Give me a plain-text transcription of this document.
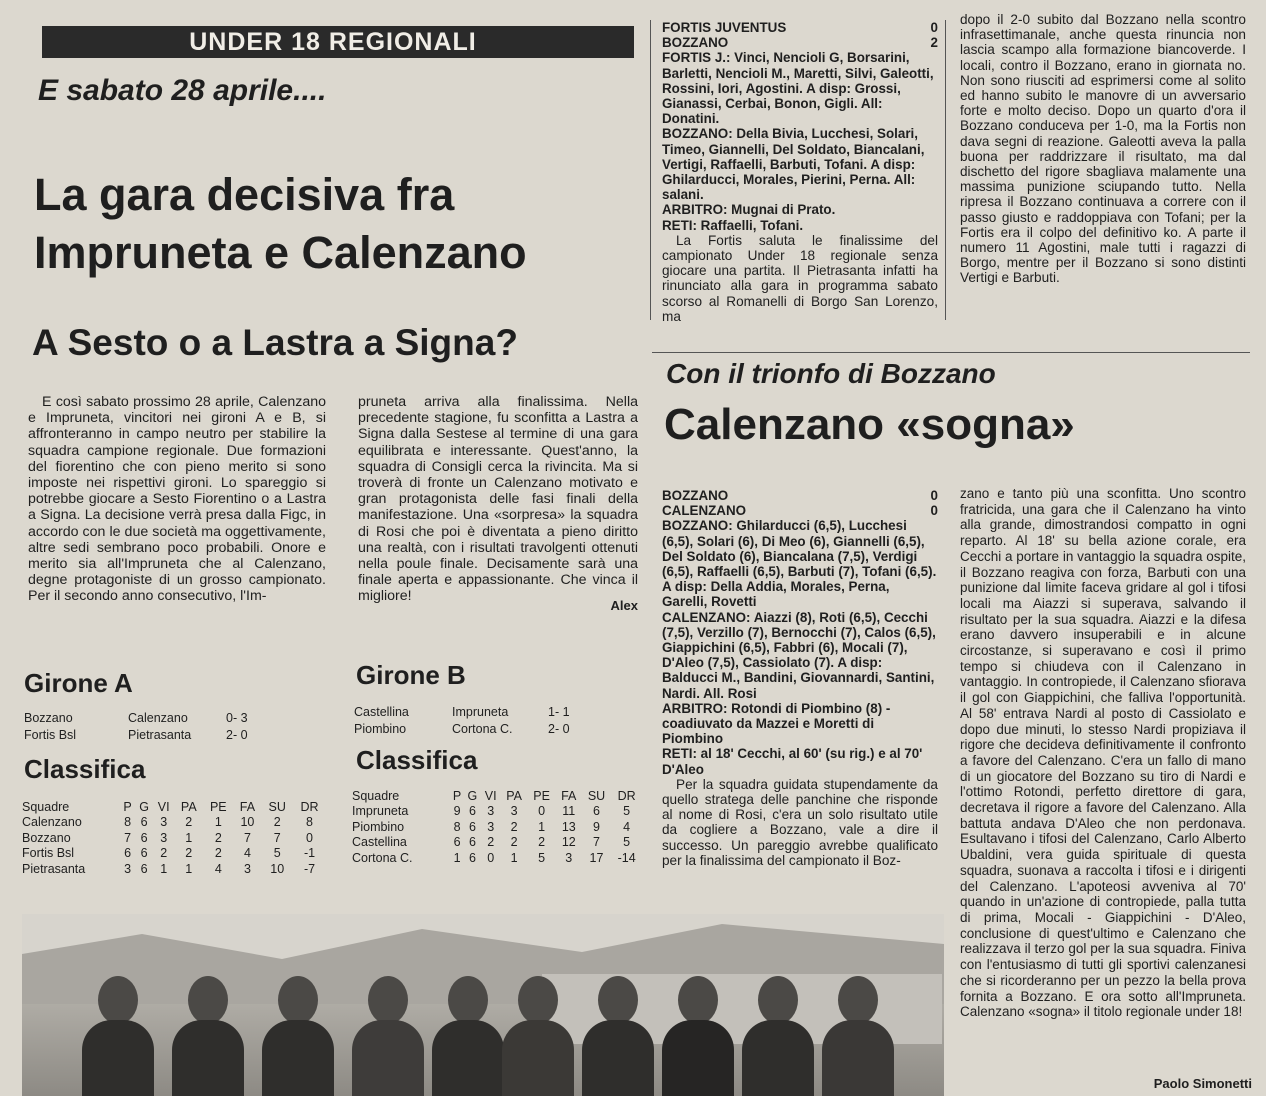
UNDER 18 REGIONALI
E sabato 28 aprile....
La gara decisiva fra
Impruneta e Calenzano
A Sesto o a Lastra a Signa?

E così sabato prossimo 28 aprile, Calenzano e Impruneta, vincitori nei gironi A e B, si affronteranno in campo neutro per stabilire la squadra campione regionale. Due formazioni del fiorentino che con pieno merito si sono imposte nei rispettivi gironi. Lo spareggio si potrebbe giocare a Sesto Fiorentino o a Lastra a Signa. La decisione verrà presa dalla Figc, in accordo con le due società ma oggettivamente, altre sedi sembrano poco probabili. Onore e merito sia all'Impruneta che al Calenzano, degne protagoniste di un grosso campionato. Per il secondo anno consecutivo, l'Im-

pruneta arriva alla finalissima. Nella precedente stagione, fu sconfitta a Lastra a Signa dalla Sestese al termine di una gara equilibrata e interessante. Quest'anno, la squadra di Consigli cerca la rivincita. Ma si troverà di fronte un Calenzano motivato e gran protagonista delle fasi finali della manifestazione. Una «sorpresa» la squadra di Rosi che poi è diventata a pieno diritto una realtà, con i risultati travolgenti ottenuti nella poule finale. Decisamente sarà una finale aperta e appassionante. Che vinca il migliore!

Alex
Girone A
Bozzano	Calenzano	0- 3
Fortis Bsl	Pietrasanta	2- 0
Classifica
Squadre	P	G	VI	PA	PE	FA	SU	DR
Calenzano	8	6	3	2	1	10	2	8
Bozzano	7	6	3	1	2	7	7	0
Fortis Bsl	6	6	2	2	2	4	5	-1
Pietrasanta	3	6	1	1	4	3	10	-7
Girone B
Castellina	Impruneta	1- 1
Piombino	Cortona C.	2- 0
Classifica
Squadre	P	G	VI	PA	PE	FA	SU	DR
Impruneta	9	6	3	3	0	11	6	5
Piombino	8	6	3	2	1	13	9	4
Castellina	6	6	2	2	2	12	7	5
Cortona C.	1	6	0	1	5	3	17	-14
FORTIS JUVENTUS	0
BOZZANO	2
FORTIS J.: Vinci, Nencioli G, Borsarini, Barletti, Nencioli M., Maretti, Silvi, Galeotti, Rossini, Iori, Agostini. A disp: Grossi, Gianassi, Cerbai, Bonon, Gigli. All: Donatini.
BOZZANO: Della Bivia, Lucchesi, Solari, Timeo, Giannelli, Del Soldato, Biancalani, Vertigi, Raffaelli, Barbuti, Tofani. A disp: Ghilarducci, Morales, Pierini, Perna. All: salani.
ARBITRO: Mugnai di Prato.
RETI: Raffaelli, Tofani.
La Fortis saluta le finalissime del campionato Under 18 regionale senza giocare una partita. Il Pietrasanta infatti ha rinunciato alla gara in programma sabato scorso al Romanelli di Borgo San Lorenzo, ma

dopo il 2-0 subito dal Bozzano nella scontro infrasettimanale, anche questa rinuncia non lascia scampo alla formazione biancoverde. I locali, contro il Bozzano, erano in giornata no. Non sono riusciti ad esprimersi come al solito ed hanno subito le manovre di un avversario forte e molto deciso. Dopo un quarto d'ora il Bozzano conduceva per 1-0, ma la Fortis non dava segni di reazione. Galeotti aveva la palla buona per raddrizzare il risultato, ma dal dischetto del rigore sbagliava malamente una massima punizione sciupando tutto. Nella ripresa il Bozzano continuava a correre con il passo giusto e raddoppiava con Tofani; per la Fortis era il colpo del definitivo ko. A parte il numero 11 Agostini, male tutti i ragazzi di Borgo, mentre per il Bozzano si sono distinti Vertigi e Barbuti.

Con il trionfo di Bozzano
Calenzano «sogna»
BOZZANO	0
CALENZANO	0
BOZZANO: Ghilarducci (6,5), Lucchesi (6,5), Solari (6), Di Meo (6), Giannelli (6,5), Del Soldato (6), Biancalana (7,5), Verdigi (6,5), Raffaelli (6,5), Barbuti (7), Tofani (6,5). A disp: Della Addia, Morales, Perna, Garelli, Rovetti
CALENZANO: Aiazzi (8), Roti (6,5), Cecchi (7,5), Verzillo (7), Bernocchi (7), Calos (6,5), Giappichini (6,5), Fabbri (6), Mocali (7), D'Aleo (7,5), Cassiolato (7). A disp: Balducci M., Bandini, Giovannardi, Santini, Nardi. All. Rosi
ARBITRO: Rotondi di Piombino (8) - coadiuvato da Mazzei e Moretti di Piombino
RETI: al 18' Cecchi, al 60' (su rig.) e al 70' D'Aleo
Per la squadra guidata stupendamente da quello stratega delle panchine che risponde al nome di Rosi, c'era un solo risultato utile da cogliere a Bozzano, vale a dire il successo. Un pareggio avrebbe qualificato per la finalissima del campionato il Boz-

zano e tanto più una sconfitta. Uno scontro fratricida, una gara che il Calenzano ha vinto alla grande, dimostrandosi compatto in ogni reparto. Al 18' su bella azione corale, era Cecchi a portare in vantaggio la squadra ospite, il Bozzano reagiva con forza, Barbuti con una punizione dal limite faceva gridare al gol i tifosi locali ma Aiazzi si superava, salvando il risultato per la sua squadra. Aiazzi e la difesa erano davvero insuperabili e in alcune circostanze, si superavano e così il primo tempo si chiudeva con il Calenzano in vantaggio. In contropiede, il Calenzano sfiorava il gol con Giappichini, che falliva l'opportunità. Al 58' entrava Nardi al posto di Cassiolato e dopo due minuti, lo stesso Nardi propiziava il rigore che decideva definitivamente il confronto a favore del Calenzano. C'era un fallo di mano di un giocatore del Bozzano su tiro di Nardi e l'ottimo Rotondi, perfetto direttore di gara, decretava il rigore a favore del Calenzano. Alla battuta andava D'Aleo che non perdonava. Esultavano i tifosi del Calenzano, Carlo Alberto Ubaldini, vera guida spirituale di questa squadra, suonava a raccolta i tifosi e i dirigenti del Calenzano. L'apoteosi avveniva al 70' quando in un'azione di contropiede, palla tutta di prima, Mocali - Giappichini - D'Aleo, conclusione di quest'ultimo e Calenzano che realizzava il terzo gol per la sua squadra. Finiva con l'entusiasmo di tutti gli sportivi calenzanesi che si ricorderanno per un pezzo la bella prova fornita a Bozzano. E ora sotto all'Impruneta. Calenzano «sogna» il titolo regionale under 18!

Paolo Simonetti
